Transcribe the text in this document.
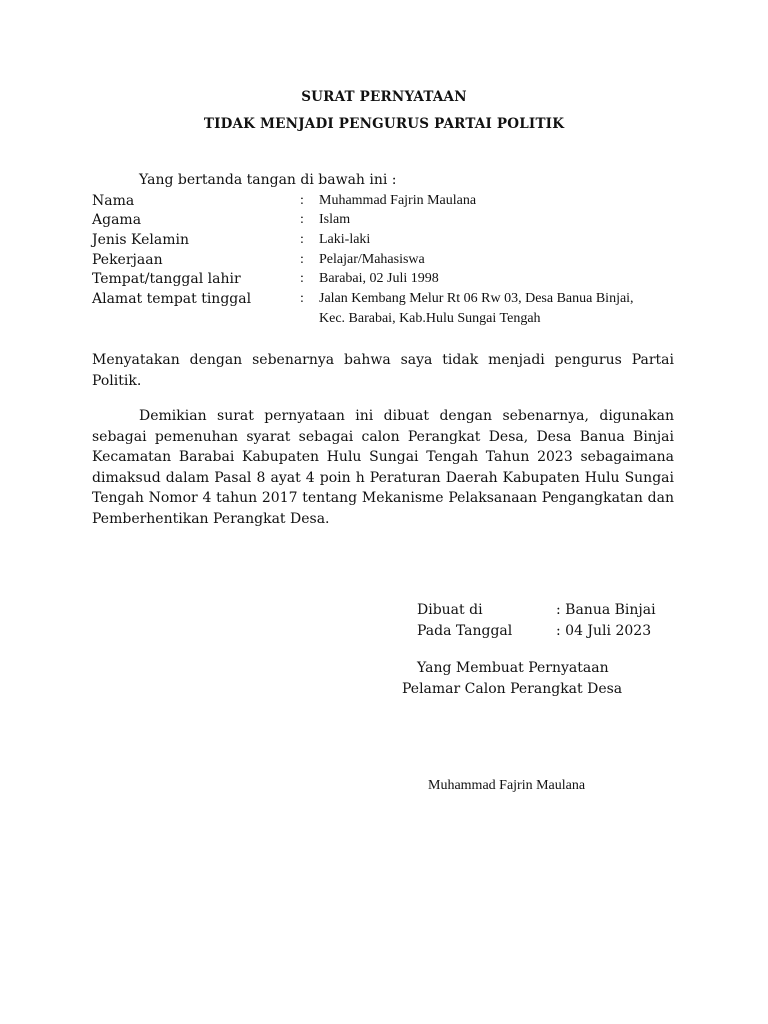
SURAT PERNYATAAN
TIDAK MENJADI PENGURUS PARTAI POLITIK
Yang bertanda tangan di bawah ini :
Nama	: Muhammad Fajrin Maulana
Agama	: Islam
Jenis Kelamin	: Laki-laki
Pekerjaan	: Pelajar/Mahasiswa
Tempat/tanggal lahir	: Barabai, 02 Juli 1998
Alamat tempat tinggal	: Jalan Kembang Melur Rt 06 Rw 03, Desa Banua Binjai,
Kec. Barabai, Kab.Hulu Sungai Tengah
Menyatakan dengan sebenarnya bahwa saya tidak menjadi pengurus Partai Politik.
Demikian surat pernyataan ini dibuat dengan sebenarnya, digunakan sebagai pemenuhan syarat sebagai calon Perangkat Desa, Desa Banua Binjai Kecamatan Barabai Kabupaten Hulu Sungai Tengah Tahun 2023 sebagaimana dimaksud dalam Pasal 8 ayat 4 poin h Peraturan Daerah Kabupaten Hulu Sungai Tengah Nomor 4 tahun 2017 tentang Mekanisme Pelaksanaan Pengangkatan dan Pemberhentikan Perangkat Desa.
Dibuat di	: Banua Binjai
Pada Tanggal	: 04 Juli 2023
Yang Membuat Pernyataan
Pelamar Calon Perangkat Desa
Muhammad Fajrin Maulana
